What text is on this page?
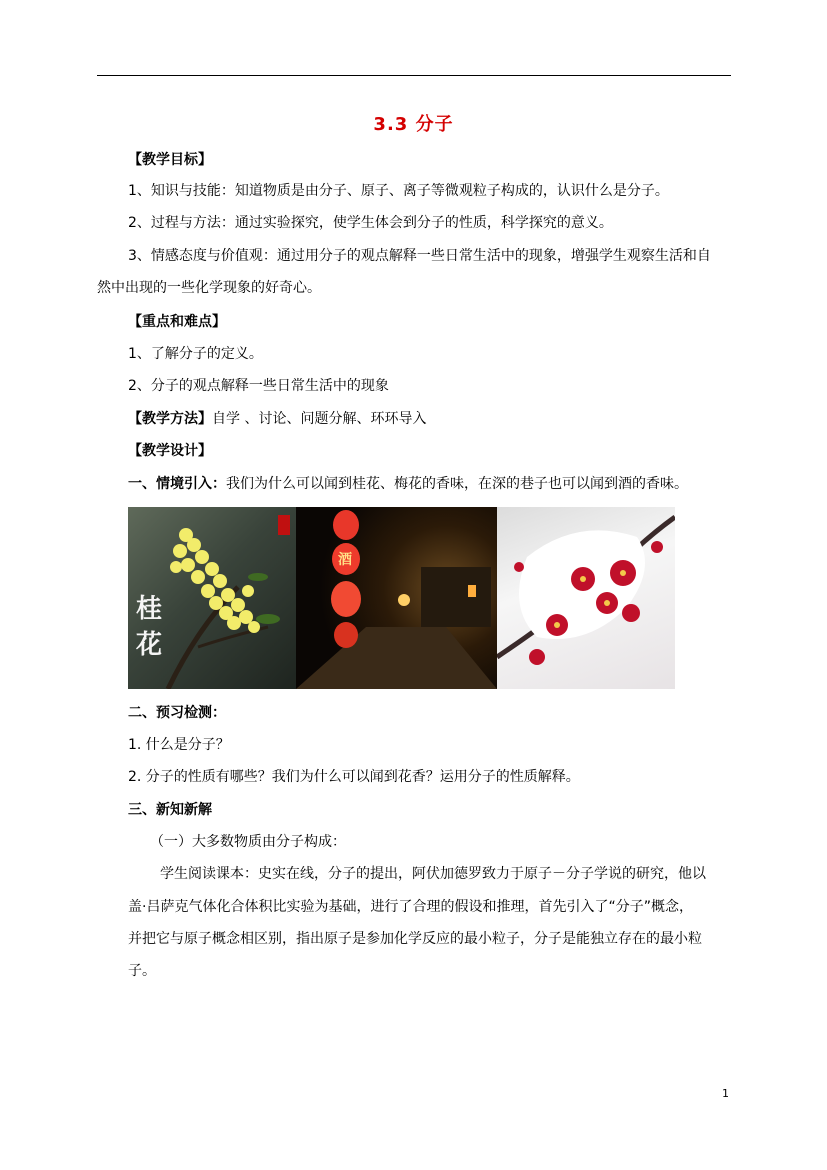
3.3 分子
【教学目标】
1、知识与技能：知道物质是由分子、原子、离子等微观粒子构成的，认识什么是分子。
2、过程与方法：通过实验探究，使学生体会到分子的性质，科学探究的意义。
3、情感态度与价值观：通过用分子的观点解释一些日常生活中的现象，增强学生观察生活和自
然中出现的一些化学现象的好奇心。
【重点和难点】
1、了解分子的定义。
2、分子的观点解释一些日常生活中的现象
【教学方法】自学 、讨论、问题分解、环环导入
【教学设计】
一、情境引入：我们为什么可以闻到桂花、梅花的香味，在深的巷子也可以闻到酒的香味。
桂花
酒
二、预习检测：
1. 什么是分子？
2. 分子的性质有哪些？我们为什么可以闻到花香？运用分子的性质解释。
三、新知新解
（一）大多数物质由分子构成：
学生阅读课本：史实在线，分子的提出，阿伏加德罗致力于原子－分子学说的研究，他以
盖·吕萨克气体化合体积比实验为基础，进行了合理的假设和推理，首先引入了“分子”概念，
并把它与原子概念相区别，指出原子是参加化学反应的最小粒子，分子是能独立存在的最小粒
子。
1
